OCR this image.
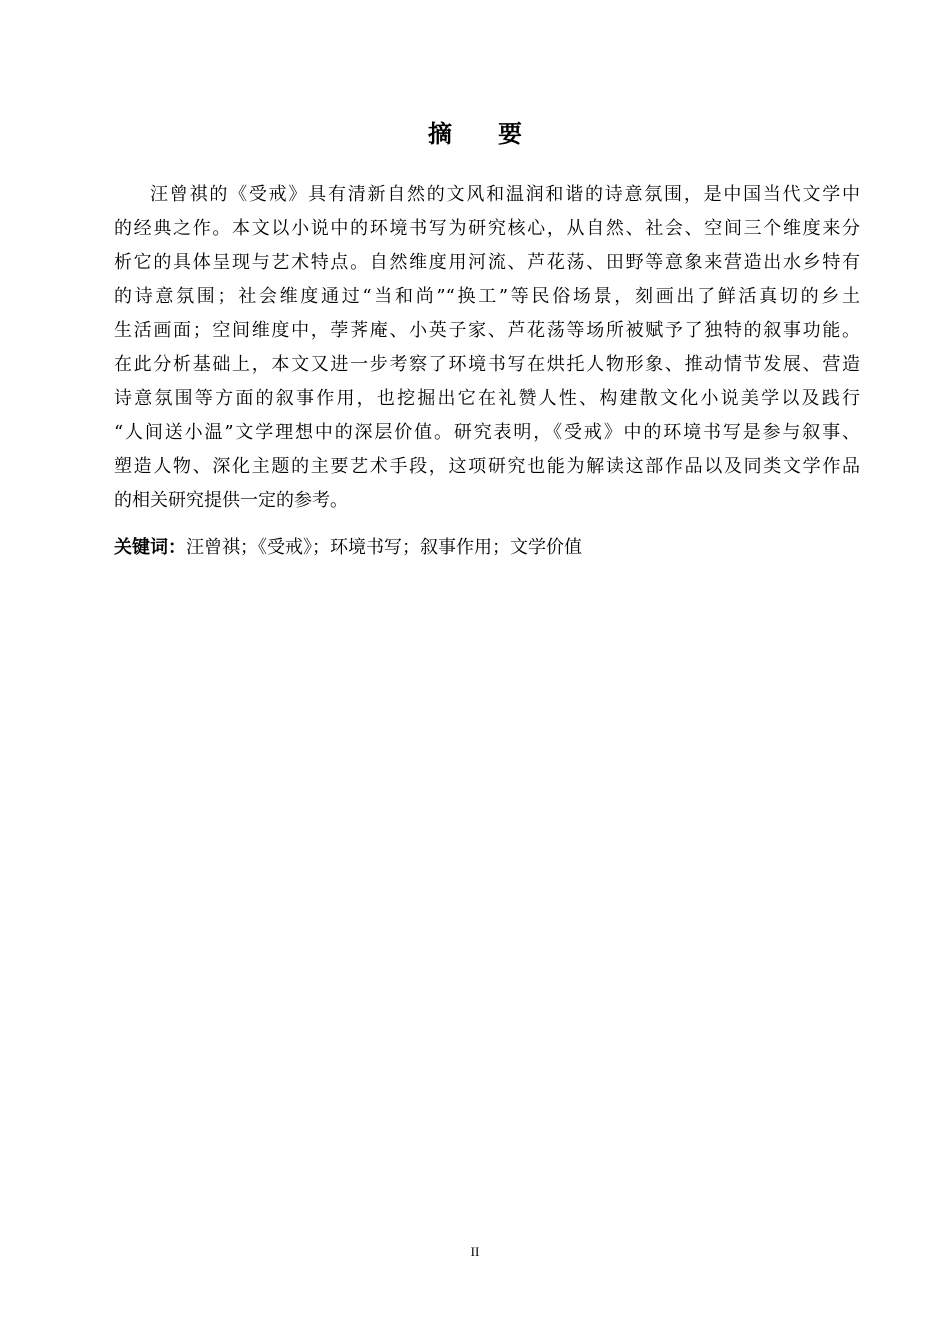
摘 要
汪曾祺的《受戒》具有清新自然的文风和温润和谐的诗意氛围，是中国当代文学中
的经典之作。本文以小说中的环境书写为研究核心，从自然、社会、空间三个维度来分
析它的具体呈现与艺术特点。自然维度用河流、芦花荡、田野等意象来营造出水乡特有
的诗意氛围；社会维度通过“当和尚”“换工”等民俗场景，刻画出了鲜活真切的乡土
生活画面；空间维度中，荸荠庵、小英子家、芦花荡等场所被赋予了独特的叙事功能。
在此分析基础上，本文又进一步考察了环境书写在烘托人物形象、推动情节发展、营造
诗意氛围等方面的叙事作用，也挖掘出它在礼赞人性、构建散文化小说美学以及践行
“人间送小温”文学理想中的深层价值。研究表明，《受戒》中的环境书写是参与叙事、
塑造人物、深化主题的主要艺术手段，这项研究也能为解读这部作品以及同类文学作品
的相关研究提供一定的参考。
关键词：汪曾祺；《受戒》；环境书写；叙事作用；文学价值
II
